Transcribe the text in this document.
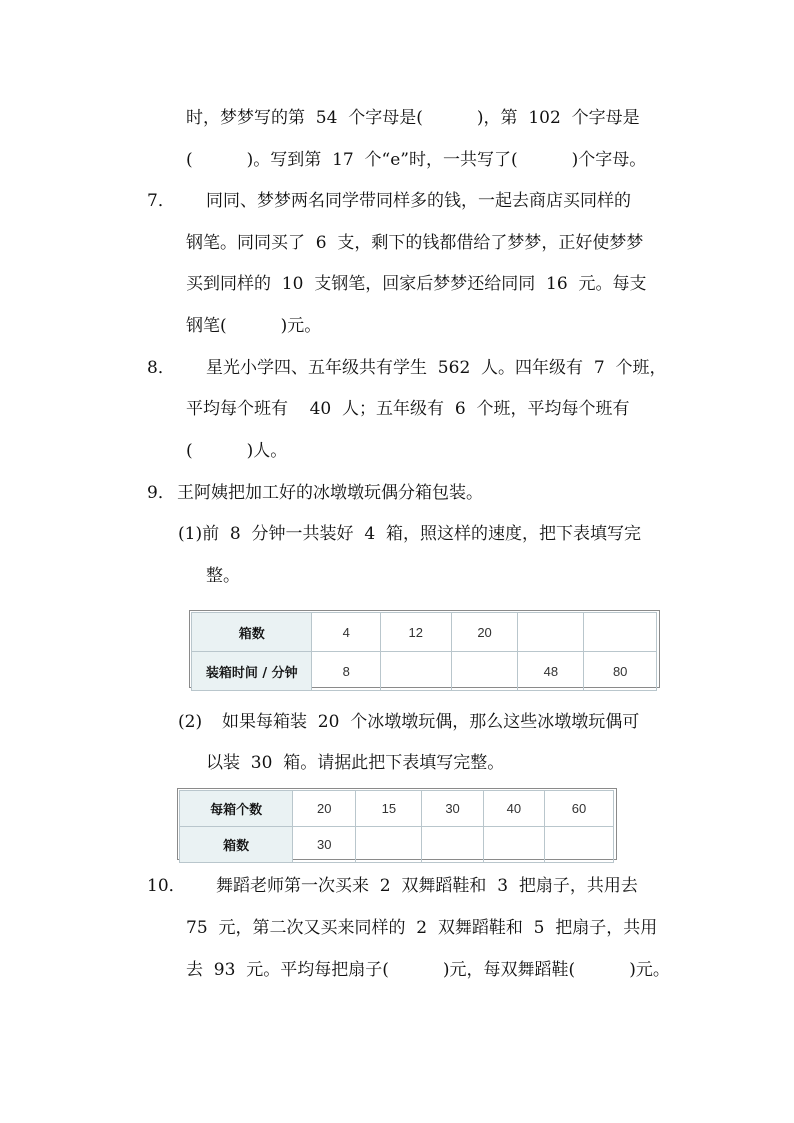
时，梦梦写的第  54  个字母是(          )，第  102  个字母是
(          )。写到第  17  个“e”时，一共写了(          )个字母。
7． 同同、梦梦两名同学带同样多的钱，一起去商店买同样的
钢笔。同同买了  6  支，剩下的钱都借给了梦梦，正好使梦梦
买到同样的  10  支钢笔，回家后梦梦还给同同  16  元。每支
钢笔(          )元。
8． 星光小学四、五年级共有学生  562  人。四年级有  7  个班，
平均每个班有    40  人；五年级有  6  个班，平均每个班有
(          )人。
9． 王阿姨把加工好的冰墩墩玩偶分箱包装。
(1)前  8  分钟一共装好  4  箱，照这样的速度，把下表填写完
整。
箱数	4	12	20		
装箱时间 / 分钟	8			48	80
(2) 如果每箱装  20  个冰墩墩玩偶，那么这些冰墩墩玩偶可
以装  30  箱。请据此把下表填写完整。
每箱个数	20	15	30	40	60
箱数	30				
10． 舞蹈老师第一次买来  2  双舞蹈鞋和  3  把扇子，共用去
75  元，第二次又买来同样的  2  双舞蹈鞋和  5  把扇子，共用
去  93  元。平均每把扇子(          )元，每双舞蹈鞋(          )元。
